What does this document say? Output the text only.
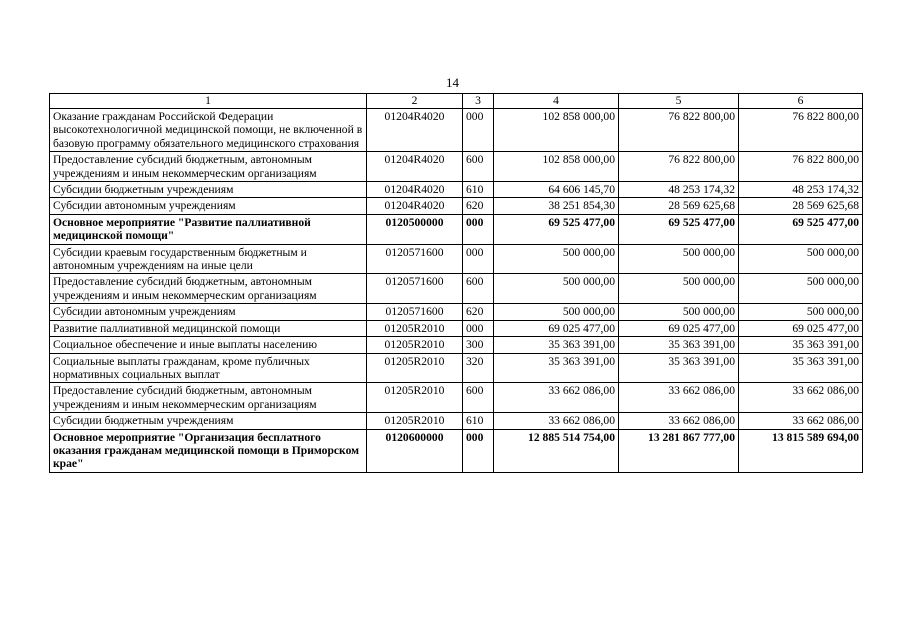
14
1	2	3	4	5	6
Оказание гражданам Российской Федерации высокотехнологичной медицинской помощи, не включенной в базовую программу обязательного медицинского страхования	01204R4020	000	102 858 000,00	76 822 800,00	76 822 800,00
Предоставление субсидий бюджетным, автономным учреждениям и иным некоммерческим организациям	01204R4020	600	102 858 000,00	76 822 800,00	76 822 800,00
Субсидии бюджетным учреждениям	01204R4020	610	64 606 145,70	48 253 174,32	48 253 174,32
Субсидии автономным учреждениям	01204R4020	620	38 251 854,30	28 569 625,68	28 569 625,68
Основное мероприятие "Развитие паллиативной медицинской помощи"	0120500000	000	69 525 477,00	69 525 477,00	69 525 477,00
Субсидии краевым государственным бюджетным и автономным учреждениям на иные цели	0120571600	000	500 000,00	500 000,00	500 000,00
Предоставление субсидий бюджетным, автономным учреждениям и иным некоммерческим организациям	0120571600	600	500 000,00	500 000,00	500 000,00
Субсидии автономным учреждениям	0120571600	620	500 000,00	500 000,00	500 000,00
Развитие паллиативной медицинской помощи	01205R2010	000	69 025 477,00	69 025 477,00	69 025 477,00
Социальное обеспечение и иные выплаты населению	01205R2010	300	35 363 391,00	35 363 391,00	35 363 391,00
Социальные выплаты гражданам, кроме публичных нормативных социальных выплат	01205R2010	320	35 363 391,00	35 363 391,00	35 363 391,00
Предоставление субсидий бюджетным, автономным учреждениям и иным некоммерческим организациям	01205R2010	600	33 662 086,00	33 662 086,00	33 662 086,00
Субсидии бюджетным учреждениям	01205R2010	610	33 662 086,00	33 662 086,00	33 662 086,00
Основное мероприятие "Организация бесплатного оказания гражданам медицинской помощи в Приморском крае"	0120600000	000	12 885 514 754,00	13 281 867 777,00	13 815 589 694,00
